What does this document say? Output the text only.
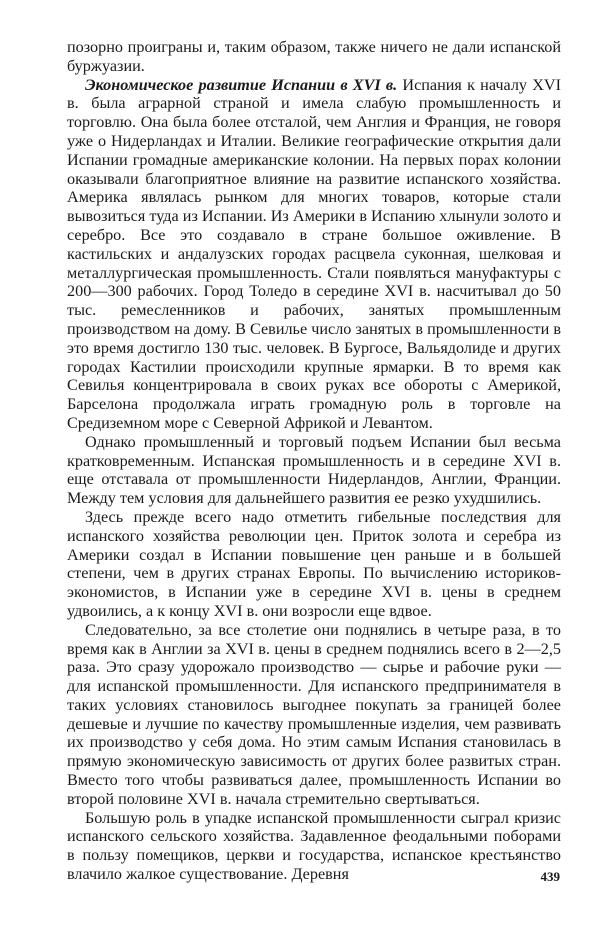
позорно проиграны и, таким образом, также ничего не дали испанской буржуазии.

Экономическое развитие Испании в XVI в. Испания к началу XVI в. была аграрной страной и имела слабую промышленность и торговлю. Она была более отсталой, чем Англия и Франция, не говоря уже о Нидерландах и Италии. Великие географические открытия дали Испании громадные американские колонии. На первых порах колонии оказывали благоприятное влияние на развитие испанского хозяйства. Америка являлась рынком для многих товаров, которые стали вывозиться туда из Испании. Из Америки в Испанию хлынули золото и серебро. Все это создавало в стране большое оживление. В кастильских и андалузских городах расцвела суконная, шелковая и металлургическая промышленность. Стали появляться мануфактуры с 200—300 рабочих. Город Толедо в середине XVI в. насчитывал до 50 тыс. ремесленников и рабочих, занятых промышленным производством на дому. В Севилье число занятых в промышленности в это время достигло 130 тыс. человек. В Бургосе, Вальядолиде и других городах Кастилии происходили крупные ярмарки. В то время как Севилья концентрировала в своих руках все обороты с Америкой, Барселона продолжала играть громадную роль в торговле на Средиземном море с Северной Африкой и Левантом.

Однако промышленный и торговый подъем Испании был весьма кратковременным. Испанская промышленность и в середине XVI в. еще отставала от промышленности Нидерландов, Англии, Франции. Между тем условия для дальнейшего развития ее резко ухудшились.

Здесь прежде всего надо отметить гибельные последствия для испанского хозяйства революции цен. Приток золота и серебра из Америки создал в Испании повышение цен раньше и в большей степени, чем в других странах Европы. По вычислению историков-экономистов, в Испании уже в середине XVI в. цены в среднем удвоились, а к концу XVI в. они возросли еще вдвое.

Следовательно, за все столетие они поднялись в четыре раза, в то время как в Англии за XVI в. цены в среднем поднялись всего в 2—2,5 раза. Это сразу удорожало производство — сырье и рабочие руки — для испанской промышленности. Для испанского предпринимателя в таких условиях становилось выгоднее покупать за границей более дешевые и лучшие по качеству промышленные изделия, чем развивать их производство у себя дома. Но этим самым Испания становилась в прямую экономическую зависимость от других более развитых стран. Вместо того чтобы развиваться далее, промышленность Испании во второй половине XVI в. начала стремительно свертываться.

Большую роль в упадке испанской промышленности сыграл кризис испанского сельского хозяйства. Задавленное феодальными поборами в пользу помещиков, церкви и государства, испанское крестьянство влачило жалкое существование. Деревня	439
